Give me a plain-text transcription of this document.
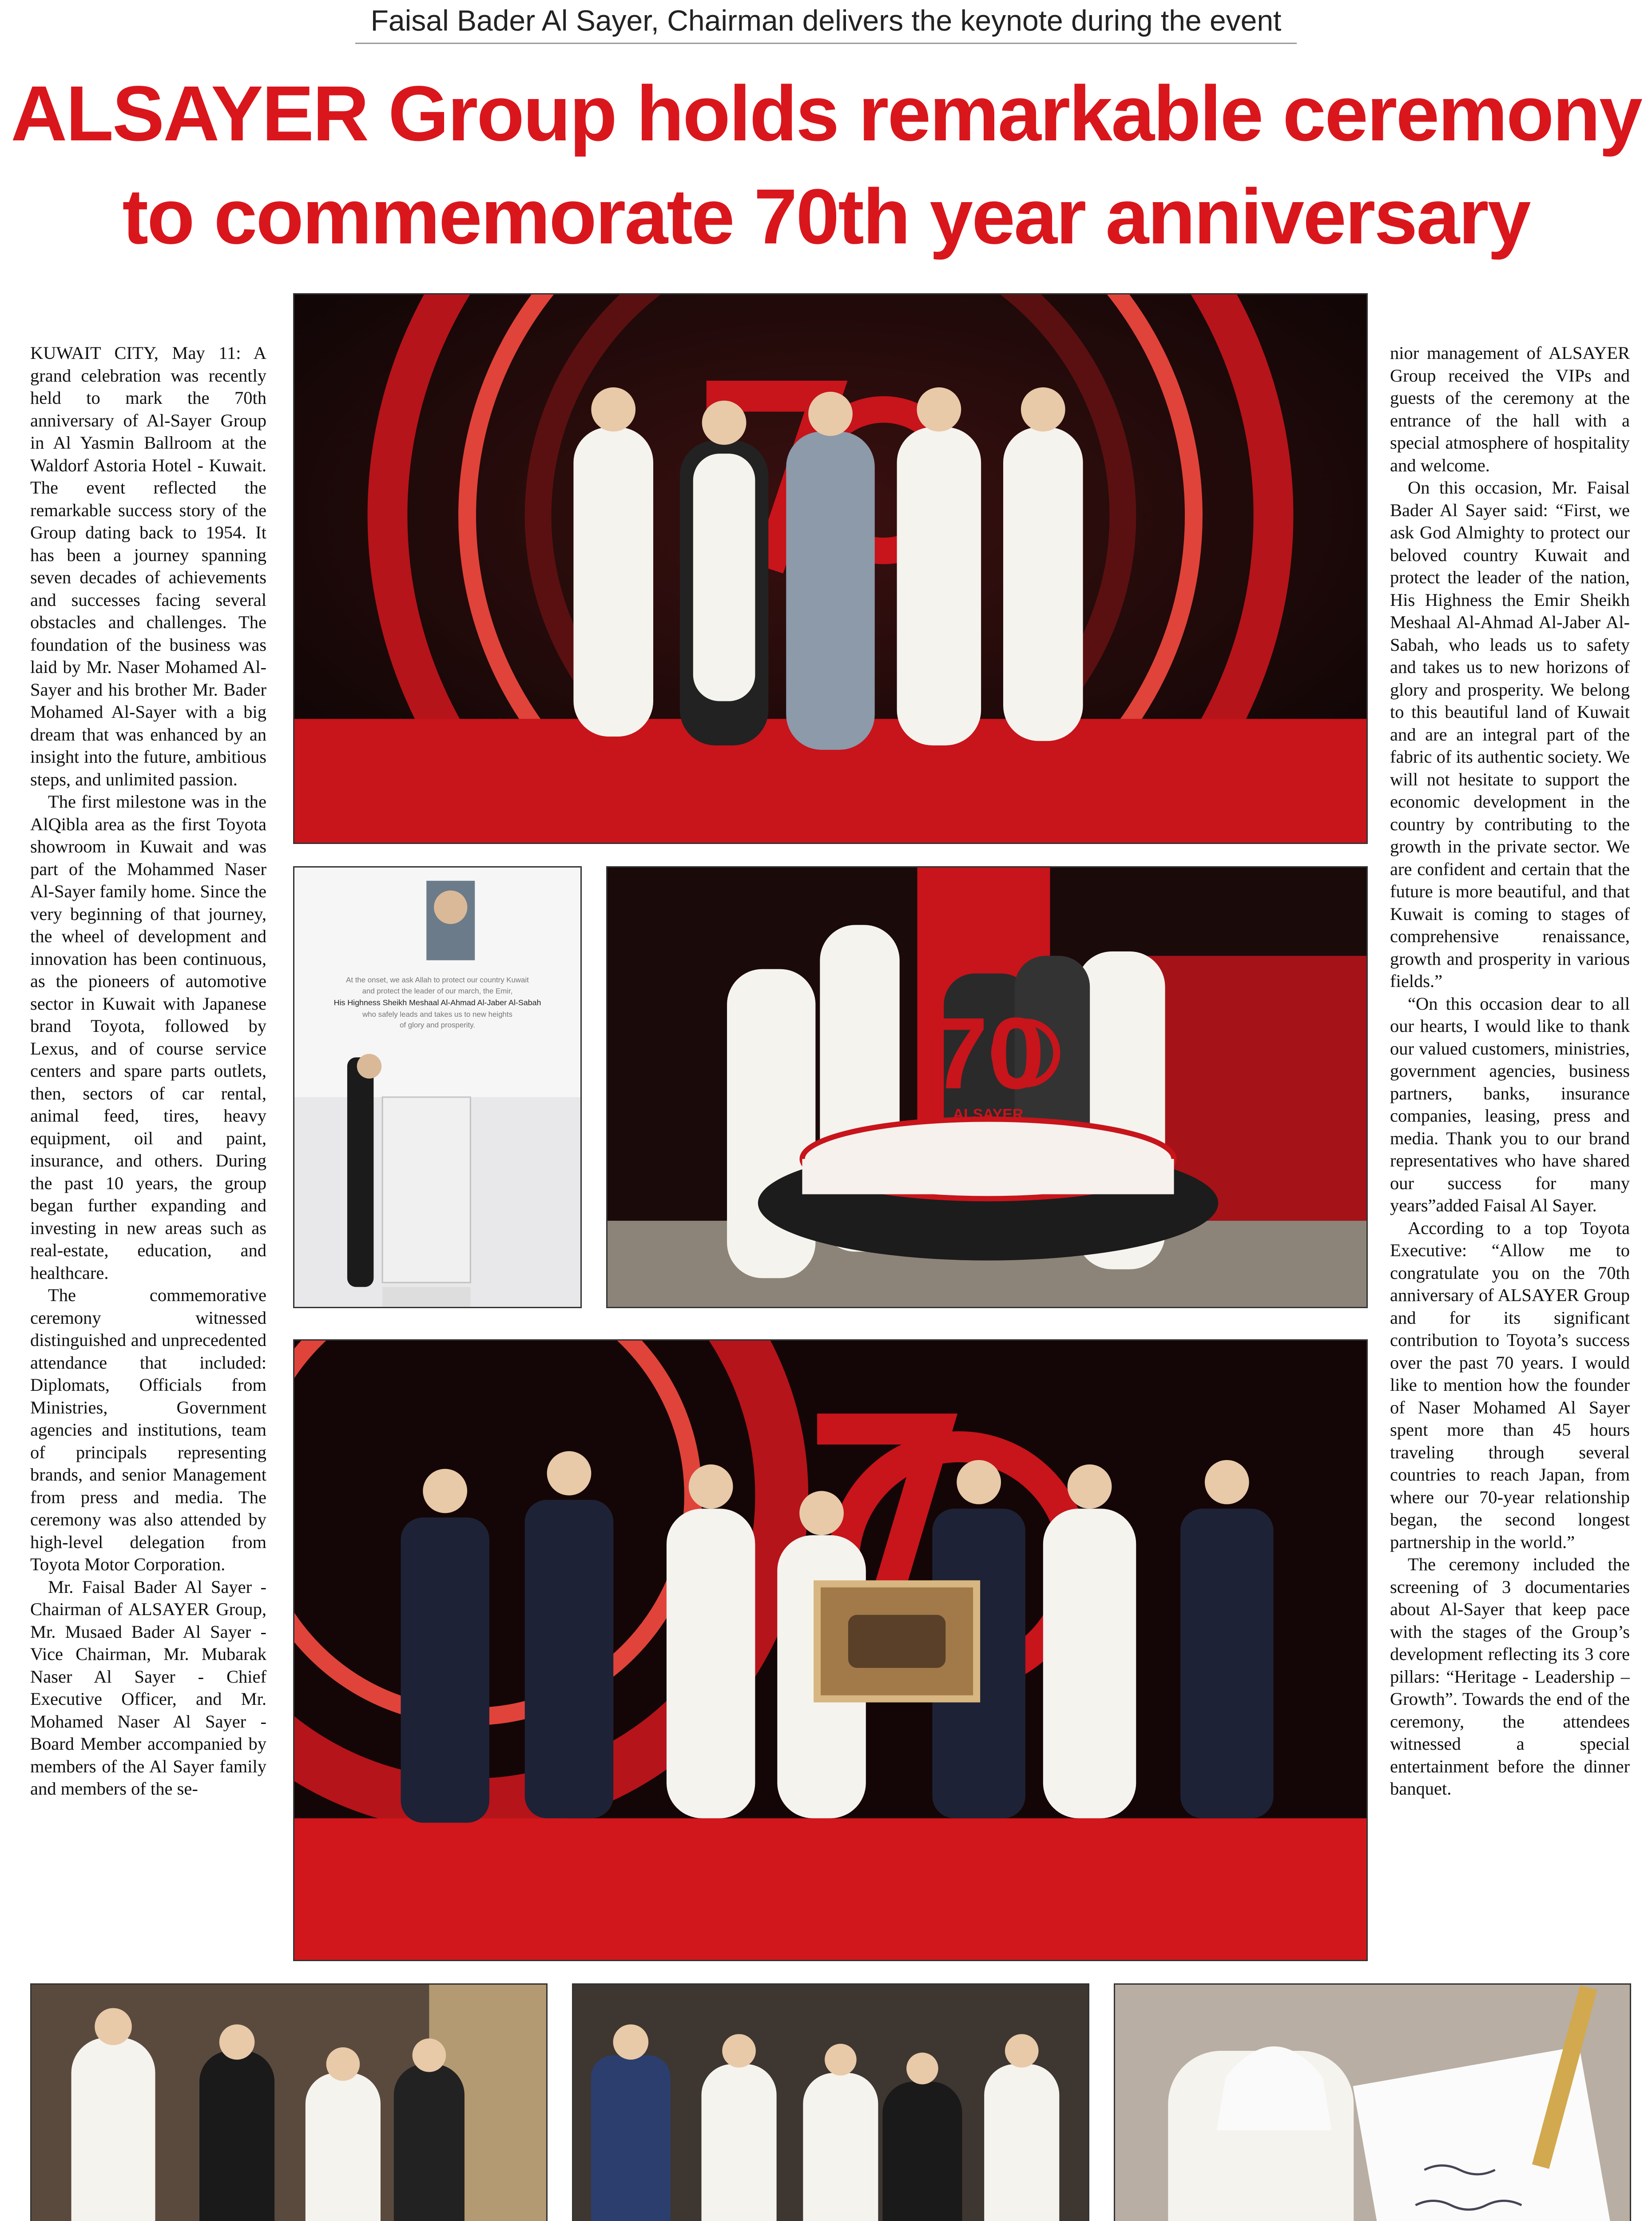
Faisal Bader Al Sayer, Chairman delivers the keynote during the event
ALSAYER Group holds remarkable ceremony
to commemorate 70th year anniversary

KUWAIT CITY, May 11: A grand celebration was recently held to mark the 70th anniversary of Al-Sayer Group in Al Yasmin Ballroom at the Waldorf Astoria Hotel - Kuwait. The event reflected the remarkable success story of the Group dating back to 1954. It has been a journey spanning seven decades of achievements and successes facing several obstacles and challenges. The foundation of the business was laid by Mr. Naser Mohamed Al-Sayer and his brother Mr. Bader Mohamed Al-Sayer with a big dream that was enhanced by an insight into the future, ambitious steps, and unlimited passion.

The first milestone was in the AlQibla area as the first Toyota showroom in Kuwait and was part of the Mohammed Naser Al-Sayer family home. Since the very beginning of that journey, the wheel of development and innovation has been continuous, as the pioneers of automotive sector in Kuwait with Japanese brand Toyota, followed by Lexus, and of course service centers and spare parts outlets, then, sectors of car rental, animal feed, tires, heavy equipment, oil and paint, insurance, and others. During the past 10 years, the group began further expanding and investing in new areas such as real-estate, education, and healthcare.

The commemorative ceremony witnessed distinguished and unprecedented attendance that included: Diplomats, Officials from Ministries, Government agencies and institutions, team of principals representing brands, and senior Management from press and media. The ceremony was also attended by high-level delegation from Toyota Motor Corporation.

Mr. Faisal Bader Al Sayer - Chairman of ALSAYER Group, Mr. Musaed Bader Al Sayer - Vice Chairman, Mr. Mubarak Naser Al Sayer - Chief Executive Officer, and Mr. Mohamed Naser Al Sayer - Board Member accompanied by members of the Al Sayer family and members of the se-

nior management of ALSAYER Group received the VIPs and guests of the ceremony at the entrance of the hall with a special atmosphere of hospitality and welcome.

On this occasion, Mr. Faisal Bader Al Sayer said: “First, we ask God Almighty to protect our beloved country Kuwait and protect the leader of the nation, His Highness the Emir Sheikh Meshaal Al-Ahmad Al-Jaber Al-Sabah, who leads us to safety and takes us to new horizons of glory and prosperity. We belong to this beautiful land of Kuwait and are an integral part of the fabric of its authentic society. We will not hesitate to support the economic development in the country by contributing to the growth in the private sector. We are confident and certain that the future is more beautiful, and that Kuwait is coming to stages of comprehensive renaissance, growth and prosperity in various fields.”

“On this occasion dear to all our hearts, I would like to thank our valued customers, ministries, government agencies, business partners, banks, insurance companies, leasing, press and media. Thank you to our brand representatives who have shared our success for many years”added Faisal Al Sayer.

According to a top Toyota Executive: “Allow me to congratulate you on the 70th anniversary of ALSAYER Group and for its significant contribution to Toyota’s success over the past 70 years. I would like to mention how the founder of Naser Mohamed Al Sayer spent more than 45 hours traveling through several countries to reach Japan, from where our 70-year relationship began, the second longest partnership in the world.”

The ceremony included the screening of 3 documentaries about Al-Sayer that keep pace with the stages of the Group’s development reflecting its 3 core pillars: “Heritage - Leadership – Growth”. Towards the end of the ceremony, the attendees witnessed a special entertainment before the dinner banquet.

At the onset, we ask Allah to protect our country Kuwait
and protect the leader of our march, the Emir,
His Highness Sheikh Meshaal Al-Ahmad Al-Jaber Al-Sabah
who safely leads and takes us to new heights
of glory and prosperity.	70
ALSAYER
